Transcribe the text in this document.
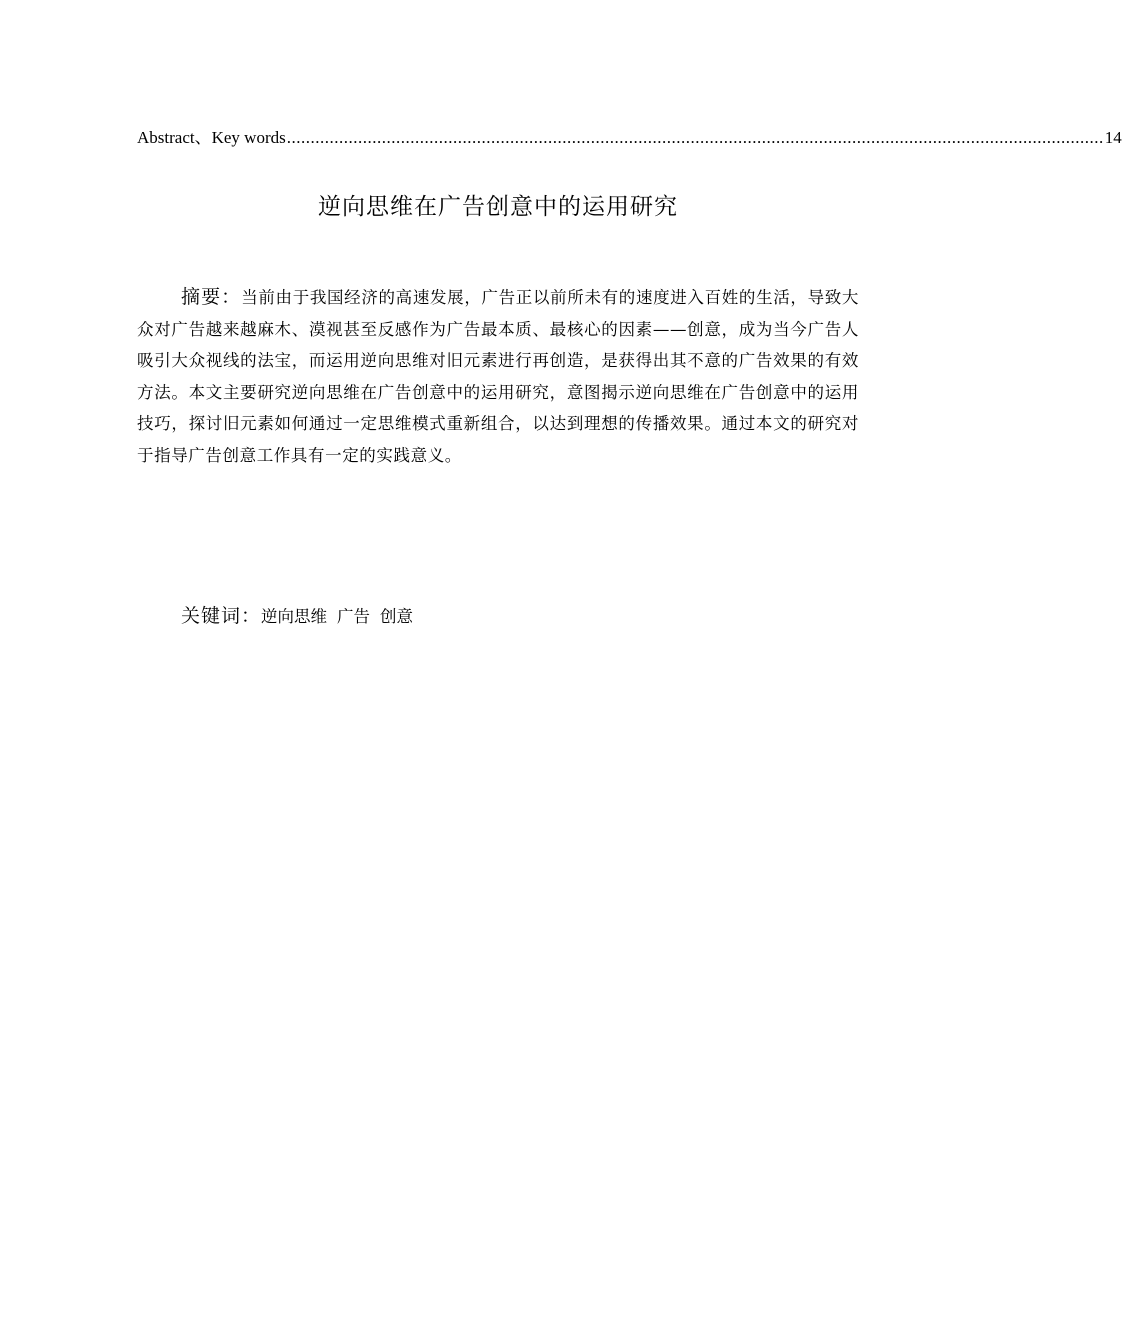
Abstract、Key words ............................................................................................................................................................................ 14
逆向思维在广告创意中的运用研究
摘要：当前由于我国经济的高速发展，广告正以前所未有的速度进入百姓的生活，导致大众对广告越来越麻木、漠视甚至反感作为广告最本质、最核心的因素——创意，成为当今广告人吸引大众视线的法宝，而运用逆向思维对旧元素进行再创造，是获得出其不意的广告效果的有效方法。本文主要研究逆向思维在广告创意中的运用研究，意图揭示逆向思维在广告创意中的运用技巧，探讨旧元素如何通过一定思维模式重新组合，以达到理想的传播效果。通过本文的研究对于指导广告创意工作具有一定的实践意义。
关键词：逆向思维 广告 创意
